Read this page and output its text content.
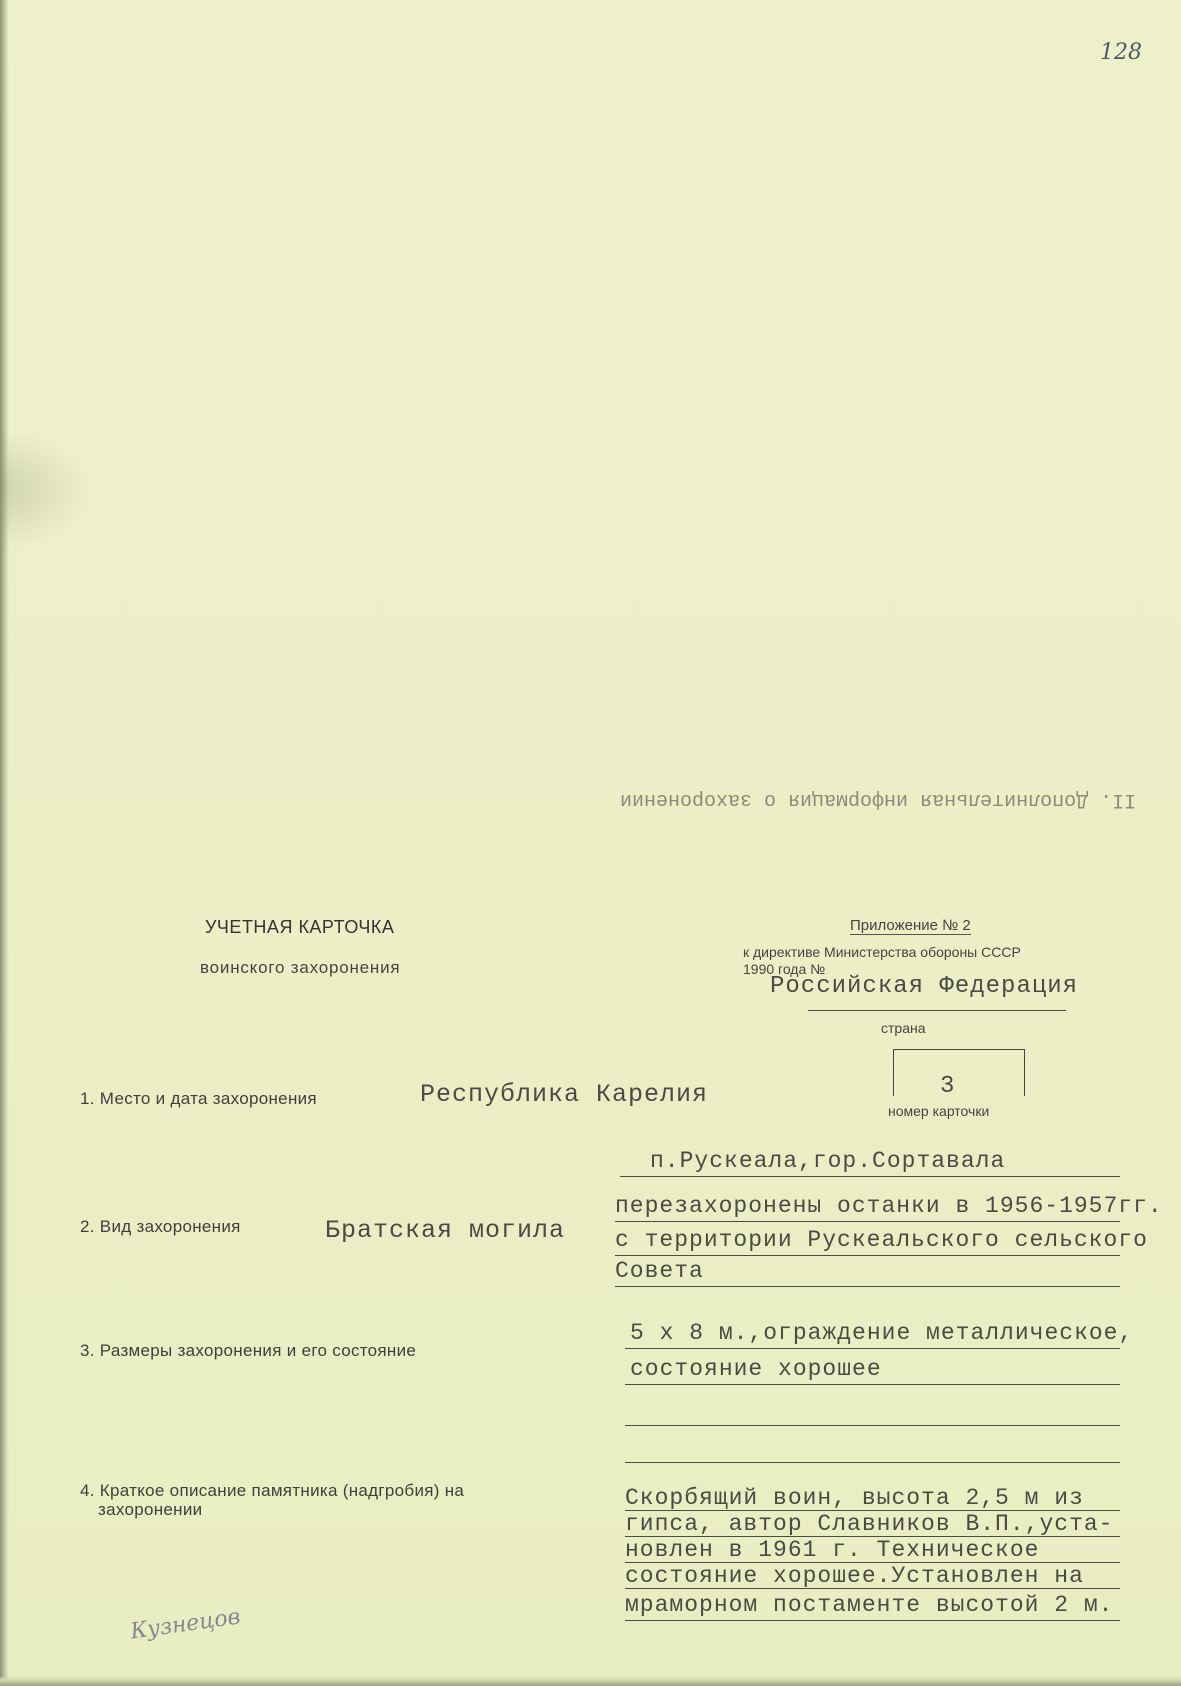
128
II. Дополнительная информация о захоронении
УЧЕТНАЯ КАРТОЧКА
воинского захоронения
Приложение № 2
к директиве Министерства обороны СССР
1990 года №
Российская Федерация
страна
3
номер карточки
1. Место и дата захоронения	Республика Карелия
п.Рускеала,гор.Сортавала
2. Вид захоронения	Братская могила
перезахоронены останки в 1956-1957гг.
с территории Рускеальского сельского
Совета
3. Размеры захоронения и его состояние
5 х 8 м.,ограждение металлическое,
состояние хорошее
4. Краткое описание памятника (надгробия) на
захоронении	Скорбящий воин, высота 2,5 м из
гипса, автор Славников В.П.,уста-
новлен в 1961 г. Техническое
состояние хорошее.Установлен на
мраморном постаменте высотой 2 м.
Кузнецов
